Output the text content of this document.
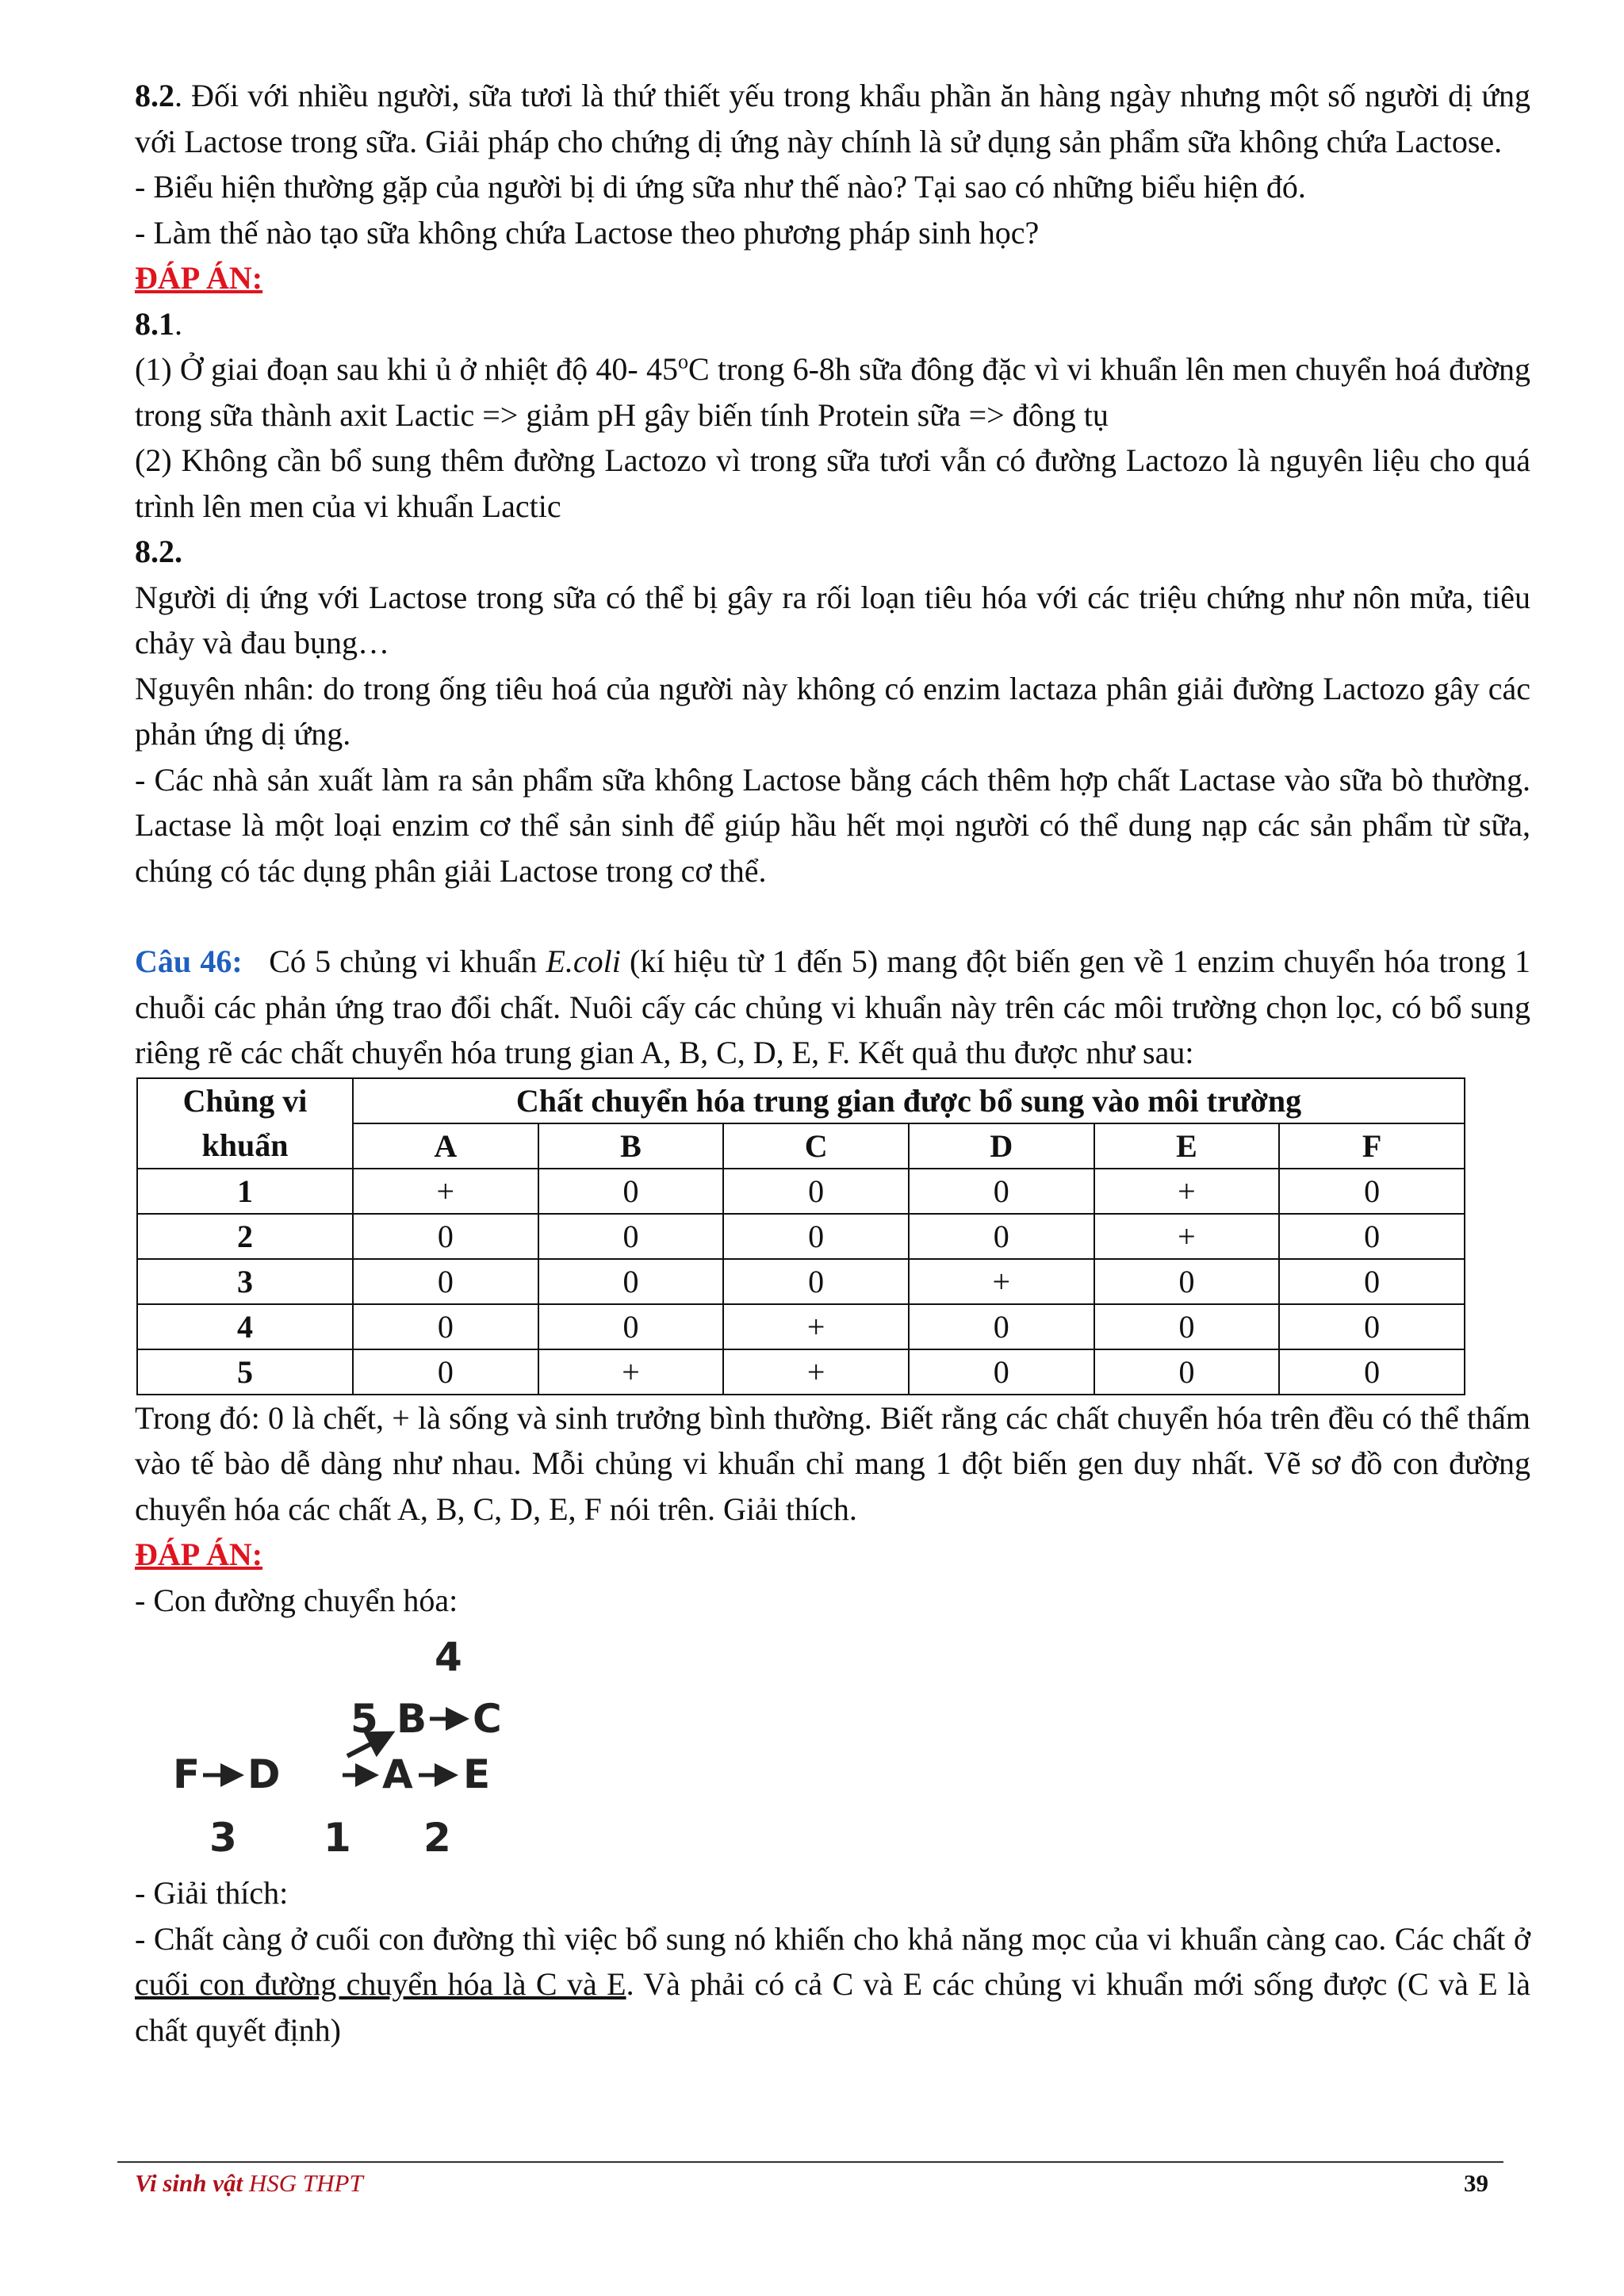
8.2. Đối với nhiều người, sữa tươi là thứ thiết yếu trong khẩu phần ăn hàng ngày nhưng một số người dị ứng với Lactose trong sữa. Giải pháp cho chứng dị ứng này chính là sử dụng sản phẩm sữa không chứa Lactose.

- Biểu hiện thường gặp của người bị di ứng sữa như thế nào? Tại sao có những biểu hiện đó.

- Làm thế nào tạo sữa không chứa Lactose theo phương pháp sinh học?

ĐÁP ÁN:

8.1.

(1) Ở giai đoạn sau khi ủ ở nhiệt độ 40- 45$^o$C trong 6-8h sữa đông đặc vì vi khuẩn lên men chuyển hoá đường trong sữa thành axit Lactic => giảm pH gây biến tính Protein sữa => đông tụ

(2) Không cần bổ sung thêm đường Lactozo vì trong sữa tươi vẫn có đường Lactozo là nguyên liệu cho quá trình lên men của vi khuẩn Lactic

8.2.

Người dị ứng với Lactose trong sữa có thể bị gây ra rối loạn tiêu hóa với các triệu chứng như nôn mửa, tiêu chảy và đau bụng…

Nguyên nhân: do trong ống tiêu hoá của người này không có enzim lactaza phân giải đường Lactozo gây các phản ứng dị ứng.

- Các nhà sản xuất làm ra sản phẩm sữa không Lactose bằng cách thêm hợp chất Lactase vào sữa bò thường. Lactase là một loại enzim cơ thể sản sinh để giúp hầu hết mọi người có thể dung nạp các sản phẩm từ sữa, chúng có tác dụng phân giải Lactose trong cơ thể.

Câu 46: Có 5 chủng vi khuẩn E.coli (kí hiệu từ 1 đến 5) mang đột biến gen về 1 enzim chuyển hóa trong 1 chuỗi các phản ứng trao đổi chất. Nuôi cấy các chủng vi khuẩn này trên các môi trường chọn lọc, có bổ sung riêng rẽ các chất chuyển hóa trung gian A, B, C, D, E, F. Kết quả thu được như sau:

Chủng vi khuẩn	Chất chuyển hóa trung gian được bổ sung vào môi trường					
	A	B	C	D	E	F
1	+	0	0	0	+	0
2	0	0	0	0	+	0
3	0	0	0	+	0	0
4	0	0	+	0	0	0
5	0	+	+	0	0	0

Trong đó: 0 là chết, + là sống và sinh trưởng bình thường. Biết rằng các chất chuyển hóa trên đều có thể thấm vào tế bào dễ dàng như nhau. Mỗi chủng vi khuẩn chỉ mang 1 đột biến gen duy nhất. Vẽ sơ đồ con đường chuyển hóa các chất A, B, C, D, E, F nói trên. Giải thích.

ĐÁP ÁN:

- Con đường chuyển hóa:

4
5 B C
F D	A E
3 1 2

- Giải thích:

- Chất càng ở cuối con đường thì việc bổ sung nó khiến cho khả năng mọc của vi khuẩn càng cao. Các chất ở cuối con đường chuyển hóa là C và E. Và phải có cả C và E các chủng vi khuẩn mới sống được (C và E là chất quyết định)

Vi sinh vật HSG THPT	39
